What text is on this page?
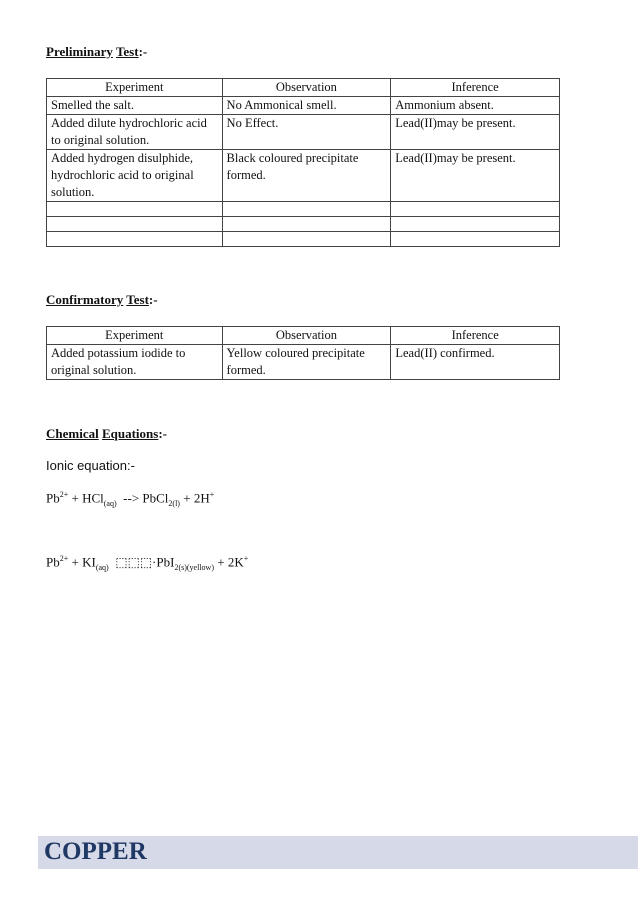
Preliminary Test:-
Experiment	Observation	Inference
Smelled the salt.	No Ammonical smell.	Ammonium absent.
Added dilute hydrochloric acid to original solution.	No Effect.	Lead(II)may be present.
Added hydrogen disulphide, hydrochloric acid to original solution.	Black coloured precipitate formed.	Lead(II)may be present.

Confirmatory Test:-
Experiment	Observation	Inference
Added potassium iodide to original solution.	Yellow coloured precipitate formed.	Lead(II) confirmed.
Chemical Equations:-
Ionic equation:-
$Pb^{2+} + HCl_{(aq)}$  --> PbCl$_{2(l)}$ + 2H+
$Pb^{2+} + KI_{(aq)}$  ⬚⬚⬚·PbI$_{2(s)(yellow)}$ + 2K+
COPPER
